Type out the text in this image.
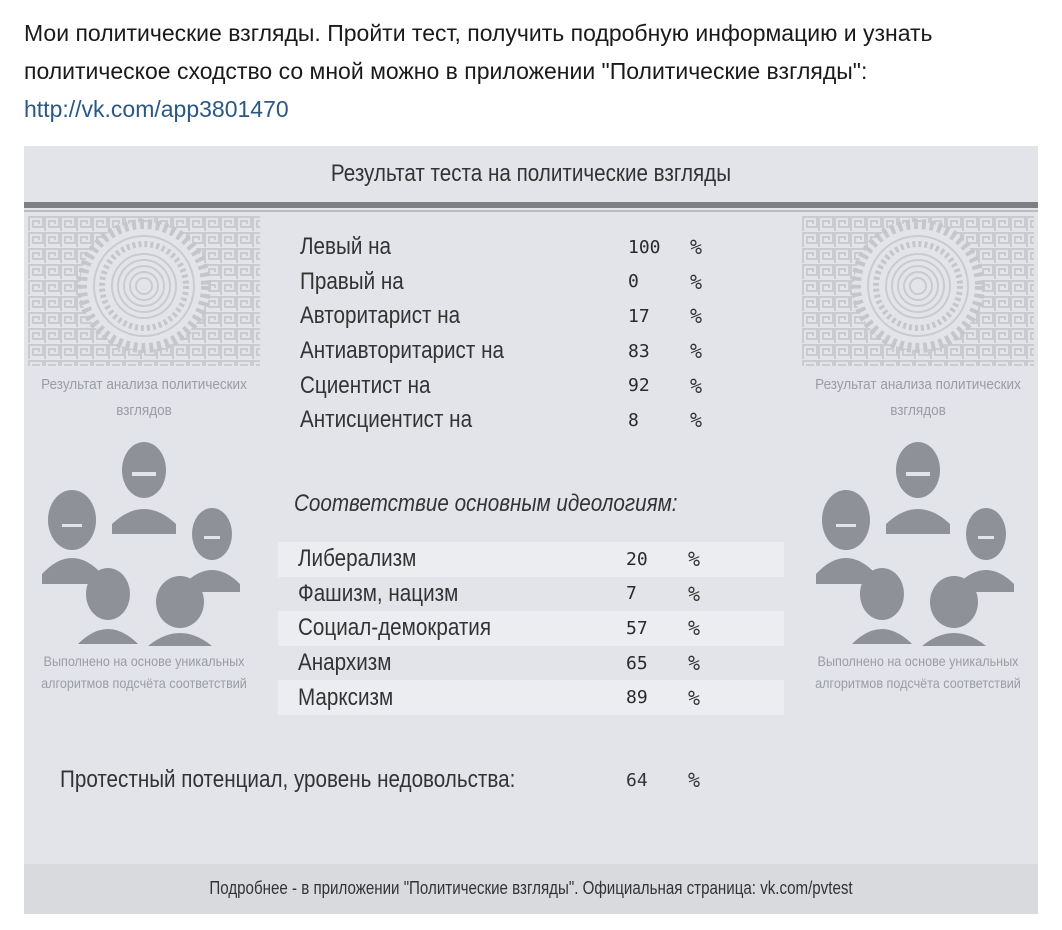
Мои политические взгляды. Пройти тест, получить подробную информацию и узнать политическое сходство со мной можно в приложении "Политические взгляды": http://vk.com/app3801470

Результат теста на политические взгляды
Результат анализа политических взглядов
Выполнено на основе уникальных алгоритмов подсчёта соответствий
Результат анализа политических взглядов
Выполнено на основе уникальных алгоритмов подсчёта соответствий
Левый на	100	%
Правый на	0	%
Авторитарист на	17	%
Антиавторитарист на	83	%
Сциентист на	92	%
Антисциентист на	8	%
Соответствие основным идеологиям:
Либерализм	20	%
Фашизм, нацизм	7	%
Социал-демократия	57	%
Анархизм	65	%
Марксизм	89	%
Протестный потенциал, уровень недовольства:	64	%
Подробнее - в приложении "Политические взгляды". Официальная страница: vk.com/pvtest
